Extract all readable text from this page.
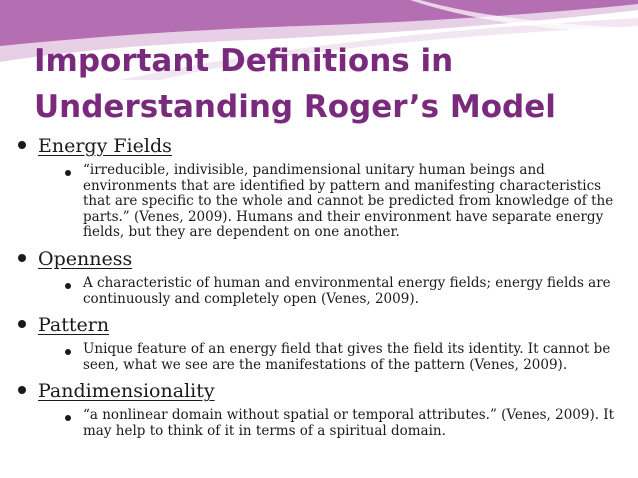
Important Definitions in Understanding Roger’s Model
Energy Fields
“irreducible, indivisible, pandimensional unitary human beings and environments that are identified by pattern and manifesting characteristics that are specific to the whole and cannot be predicted from knowledge of the parts.” (Venes, 2009). Humans and their environment have separate energy fields, but they are dependent on one another.
Openness
A characteristic of human and environmental energy fields; energy fields are continuously and completely open (Venes, 2009).
Pattern
Unique feature of an energy field that gives the field its identity. It cannot be seen, what we see are the manifestations of the pattern (Venes, 2009).
Pandimensionality
“a nonlinear domain without spatial or temporal attributes.” (Venes, 2009). It may help to think of it in terms of a spiritual domain.
